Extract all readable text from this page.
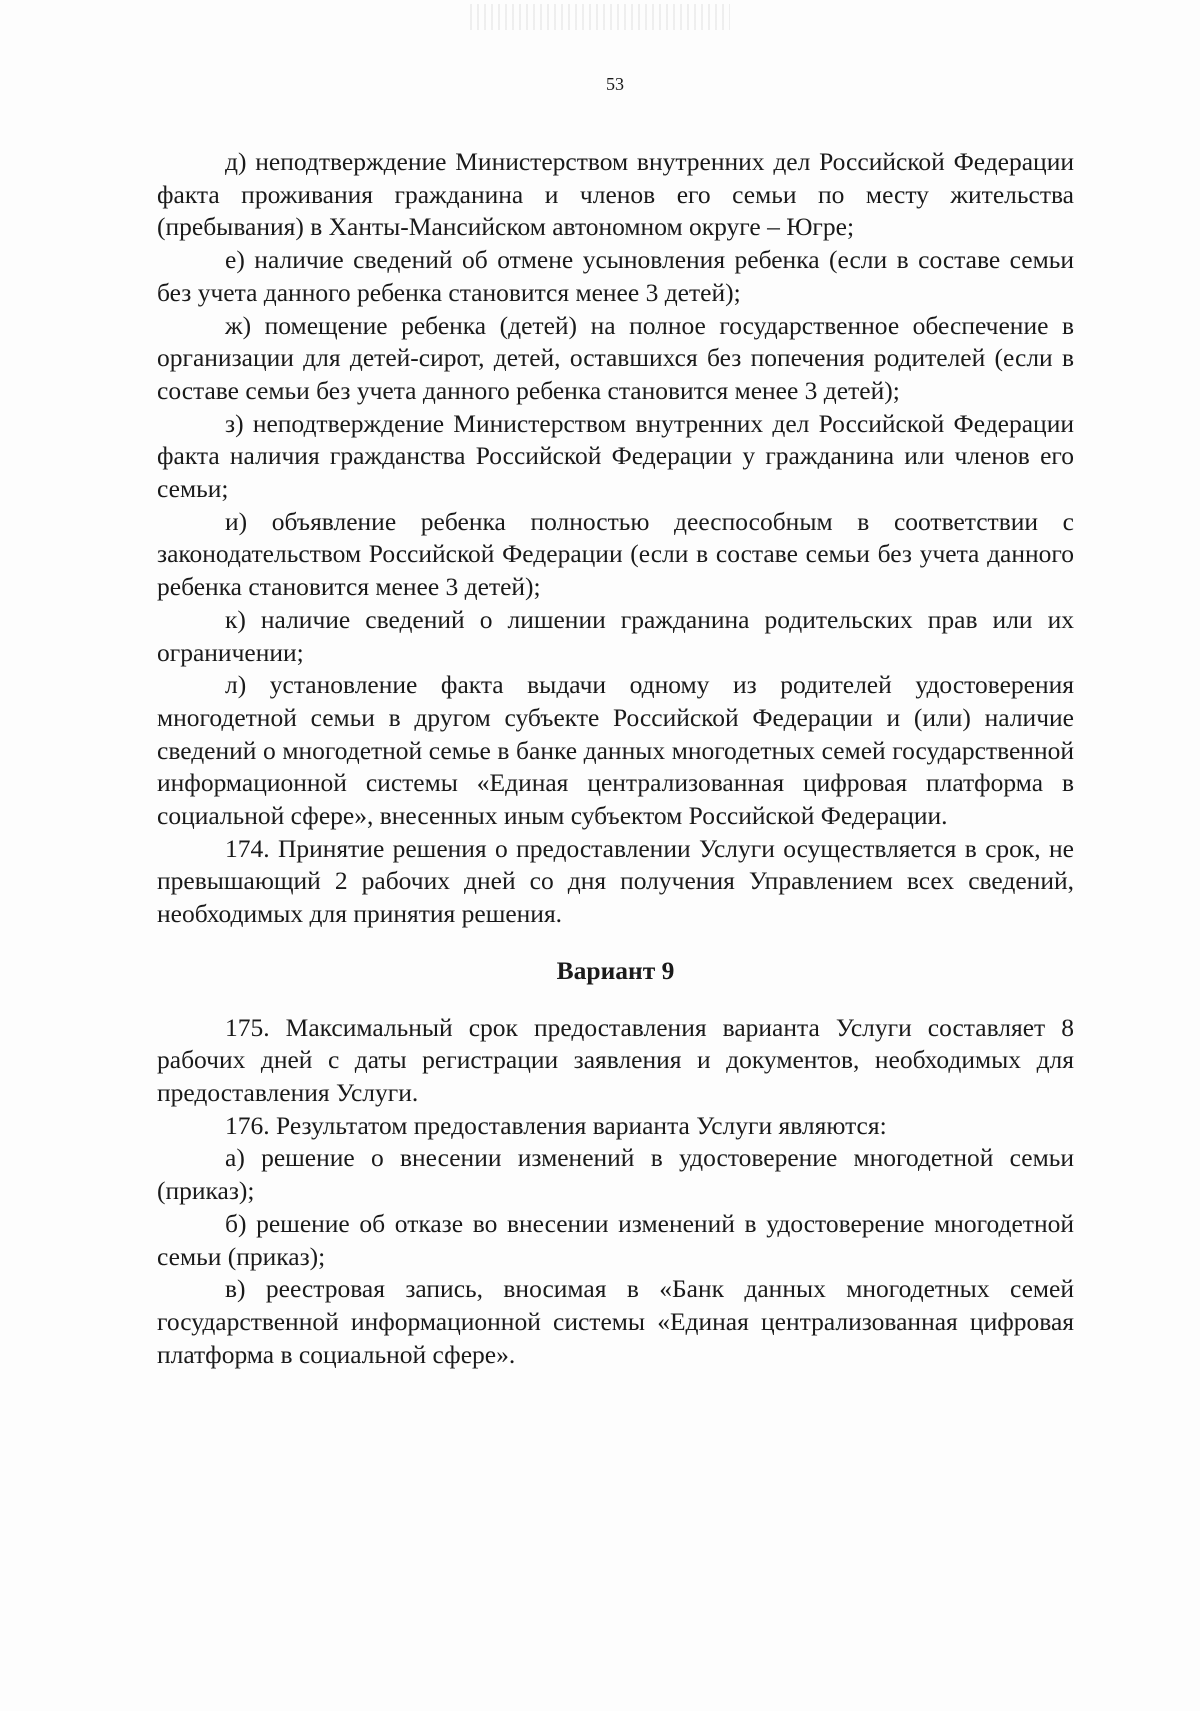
53

д) неподтверждение Министерством внутренних дел Российской Федерации факта проживания гражданина и членов его семьи по месту жительства (пребывания) в Ханты-Мансийском автономном округе – Югре;

е) наличие сведений об отмене усыновления ребенка (если в составе семьи без учета данного ребенка становится менее 3 детей);

ж) помещение ребенка (детей) на полное государственное обеспечение в организации для детей-сирот, детей, оставшихся без попечения родителей (если в составе семьи без учета данного ребенка становится менее 3 детей);

з) неподтверждение Министерством внутренних дел Российской Федерации факта наличия гражданства Российской Федерации у гражданина или членов его семьи;

и) объявление ребенка полностью дееспособным в соответствии с законодательством Российской Федерации (если в составе семьи без учета данного ребенка становится менее 3 детей);

к) наличие сведений о лишении гражданина родительских прав или их ограничении;

л) установление факта выдачи одному из родителей удостоверения многодетной семьи в другом субъекте Российской Федерации и (или) наличие сведений о многодетной семье в банке данных многодетных семей государственной информационной системы «Единая централизованная цифровая платформа в социальной сфере», внесенных иным субъектом Российской Федерации.

174. Принятие решения о предоставлении Услуги осуществляется в срок, не превышающий 2 рабочих дней со дня получения Управлением всех сведений, необходимых для принятия решения.

Вариант 9

175. Максимальный срок предоставления варианта Услуги составляет 8 рабочих дней с даты регистрации заявления и документов, необходимых для предоставления Услуги.

176. Результатом предоставления варианта Услуги являются:

а) решение о внесении изменений в удостоверение многодетной семьи (приказ);

б) решение об отказе во внесении изменений в удостоверение многодетной семьи (приказ);

в) реестровая запись, вносимая в «Банк данных многодетных семей государственной информационной системы «Единая централизованная цифровая платформа в социальной сфере».
